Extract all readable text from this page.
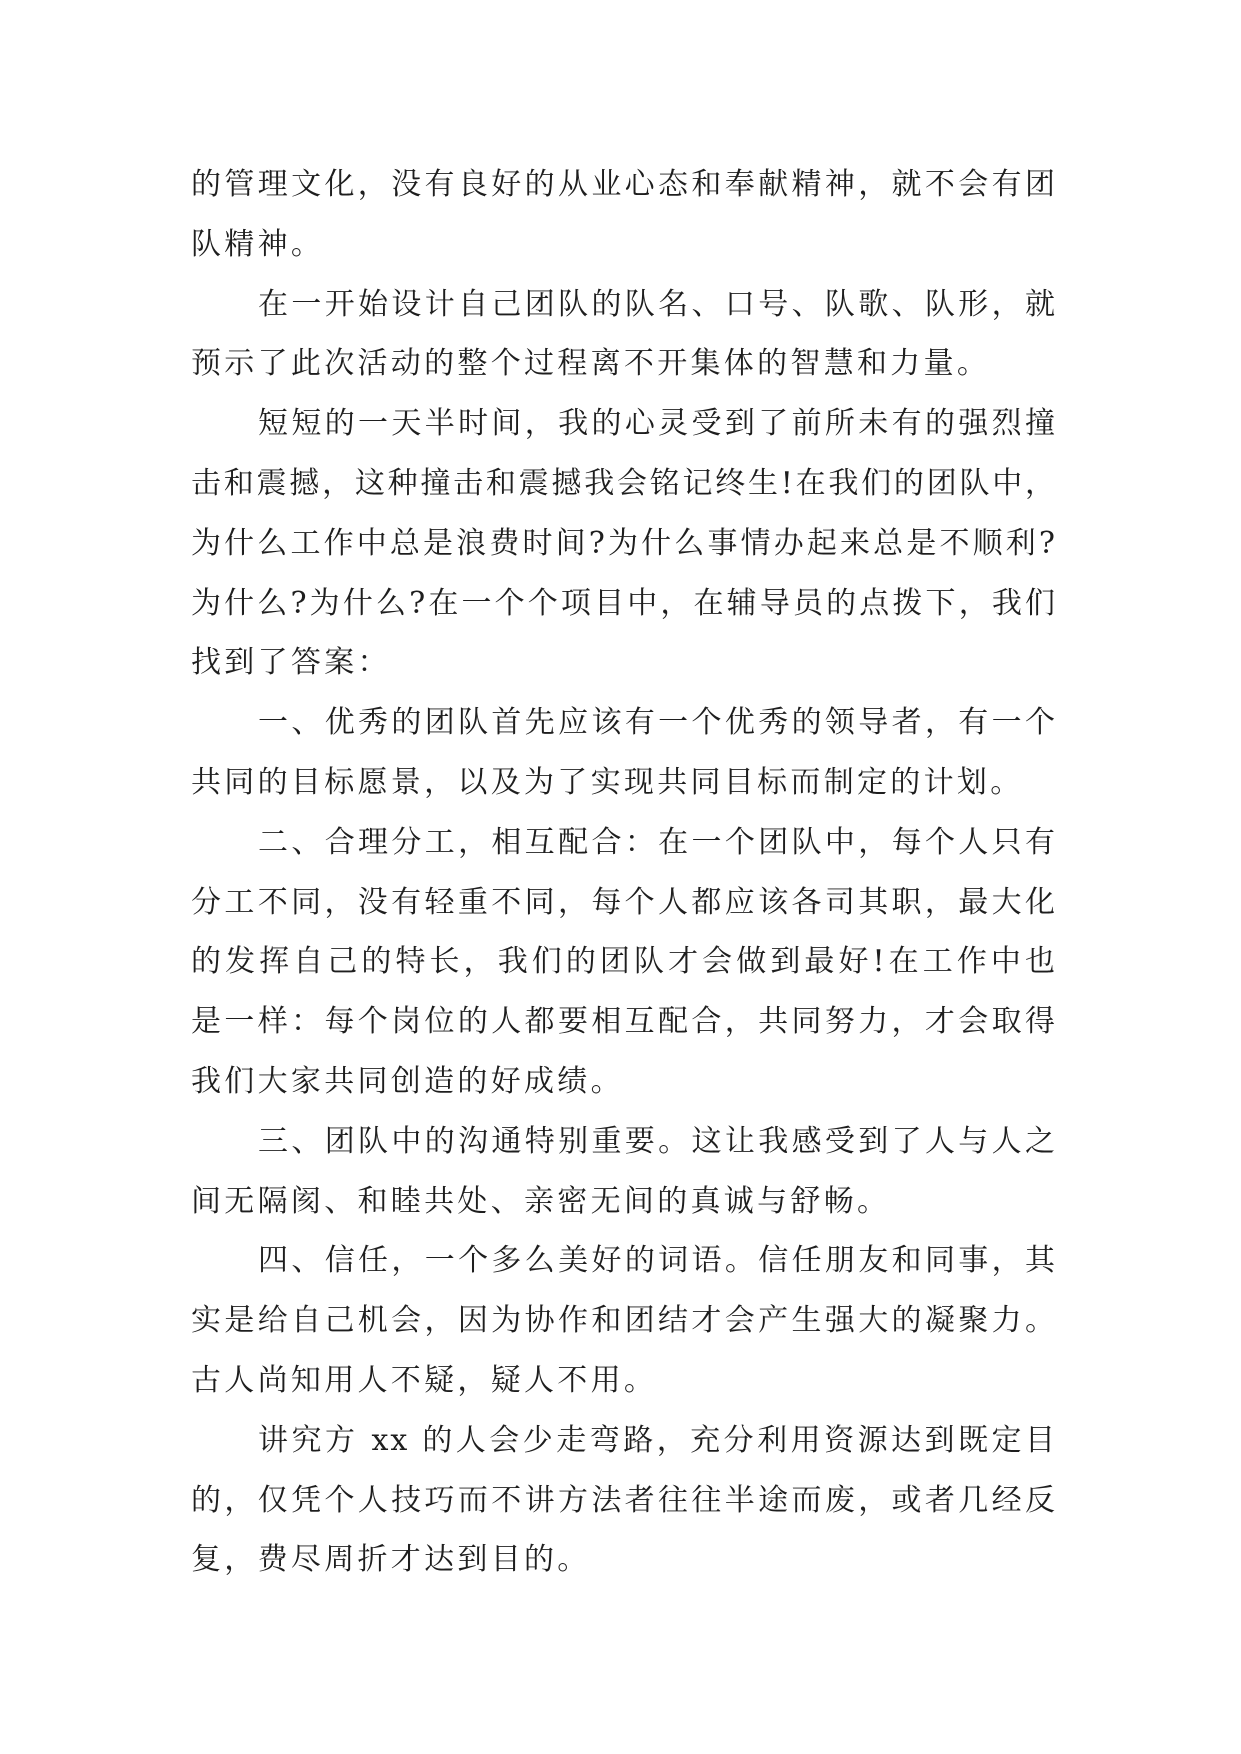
的管理文化，没有良好的从业心态和奉献精神，就不会有团
队精神。
在一开始设计自己团队的队名、口号、队歌、队形，就
预示了此次活动的整个过程离不开集体的智慧和力量。
短短的一天半时间，我的心灵受到了前所未有的强烈撞
击和震撼，这种撞击和震撼我会铭记终生!在我们的团队中，
为什么工作中总是浪费时间?为什么事情办起来总是不顺利?
为什么?为什么?在一个个项目中，在辅导员的点拨下，我们
找到了答案：
一、优秀的团队首先应该有一个优秀的领导者，有一个
共同的目标愿景，以及为了实现共同目标而制定的计划。
二、合理分工，相互配合：在一个团队中，每个人只有
分工不同，没有轻重不同，每个人都应该各司其职，最大化
的发挥自己的特长，我们的团队才会做到最好!在工作中也
是一样：每个岗位的人都要相互配合，共同努力，才会取得
我们大家共同创造的好成绩。
三、团队中的沟通特别重要。这让我感受到了人与人之
间无隔阂、和睦共处、亲密无间的真诚与舒畅。
四、信任，一个多么美好的词语。信任朋友和同事，其
实是给自己机会，因为协作和团结才会产生强大的凝聚力。
古人尚知用人不疑，疑人不用。
讲究方 xx 的人会少走弯路，充分利用资源达到既定目
的，仅凭个人技巧而不讲方法者往往半途而废，或者几经反
复，费尽周折才达到目的。
